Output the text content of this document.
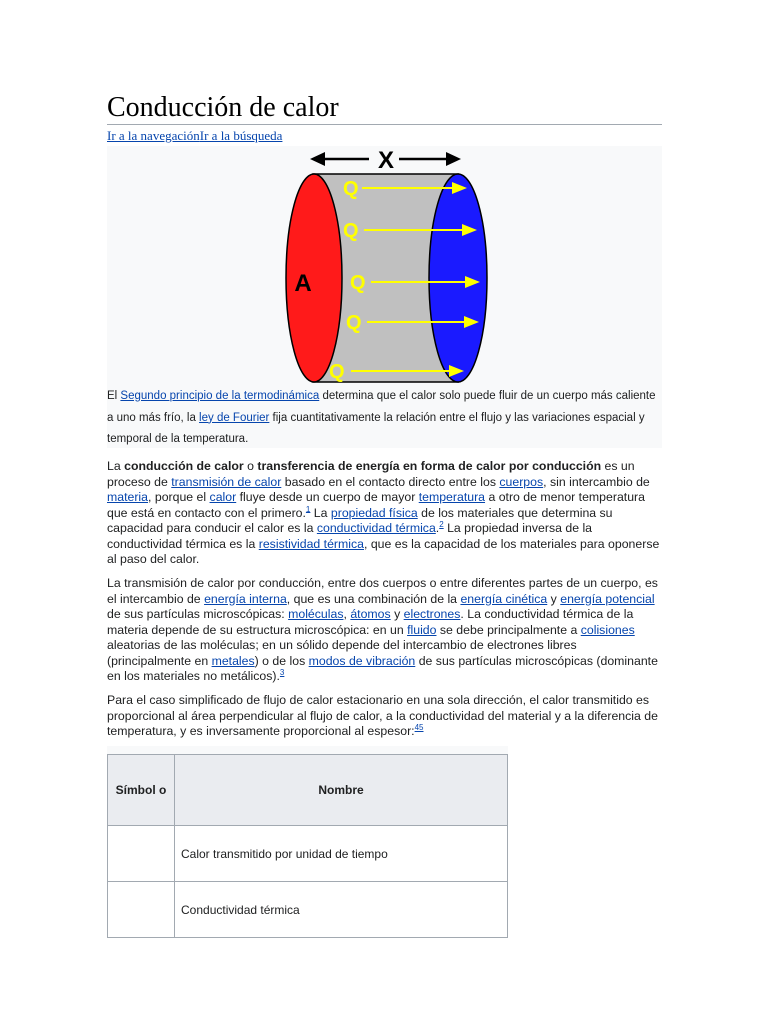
Conducción de calor
Ir a la navegaciónIr a la búsqueda
X
A
Q
Q
Q
Q
Q
El Segundo principio de la termodinámica determina que el calor solo puede fluir de un cuerpo más caliente a uno más frío, la ley de Fourier fija cuantitativamente la relación entre el flujo y las variaciones espacial y temporal de la temperatura.

La conducción de calor o transferencia de energía en forma de calor por conducción es un proceso de transmisión de calor basado en el contacto directo entre los cuerpos, sin intercambio de materia, porque el calor fluye desde un cuerpo de mayor temperatura a otro de menor temperatura que está en contacto con el primero.$^1$ La propiedad física de los materiales que determina su capacidad para conducir el calor es la conductividad térmica.$^2$ La propiedad inversa de la conductividad térmica es la resistividad térmica, que es la capacidad de los materiales para oponerse al paso del calor.

La transmisión de calor por conducción, entre dos cuerpos o entre diferentes partes de un cuerpo, es el intercambio de energía interna, que es una combinación de la energía cinética y energía potencial de sus partículas microscópicas: moléculas, átomos y electrones. La conductividad térmica de la materia depende de su estructura microscópica: en un fluido se debe principalmente a colisiones aleatorias de las moléculas; en un sólido depende del intercambio de electrones libres (principalmente en metales) o de los modos de vibración de sus partículas microscópicas (dominante en los materiales no metálicos).$^3$

Para el caso simplificado de flujo de calor estacionario en una sola dirección, el calor transmitido es proporcional al área perpendicular al flujo de calor, a la conductividad del material y a la diferencia de temperatura, y es inversamente proporcional al espesor:$^{45}$

Símbol o	Nombre
	Calor transmitido por unidad de tiempo
	Conductividad térmica
